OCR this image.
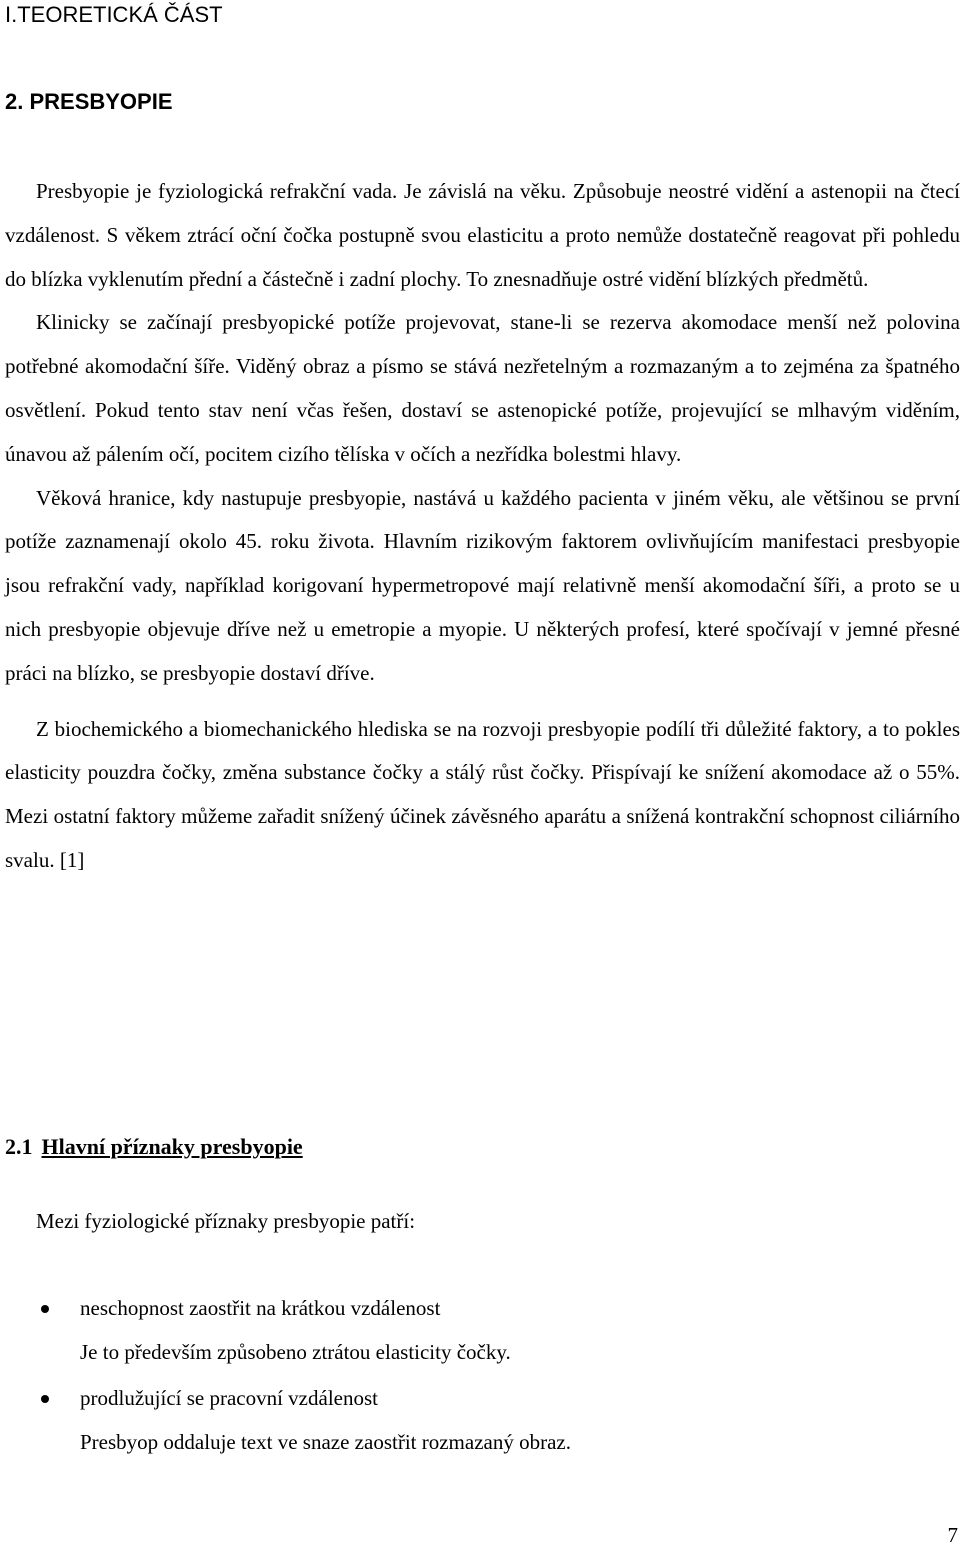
I.TEORETICKÁ ČÁST
2. PRESBYOPIE

Presbyopie je fyziologická refrakční vada. Je závislá na věku. Způsobuje neostré vidění a astenopii na čtecí vzdálenost. S věkem ztrácí oční čočka postupně svou elasticitu a proto nemůže dostatečně reagovat při pohledu do blízka vyklenutím přední a částečně i zadní plochy. To znesnadňuje ostré vidění blízkých předmětů.

Klinicky se začínají presbyopické potíže projevovat, stane-li se rezerva akomodace menší než polovina potřebné akomodační šíře. Viděný obraz a písmo se stává nezřetelným a rozmazaným a to zejména za špatného osvětlení. Pokud tento stav není včas řešen, dostaví se astenopické potíže, projevující se mlhavým viděním, únavou až pálením očí, pocitem cizího tělíska v očích a nezřídka bolestmi hlavy.

Věková hranice, kdy nastupuje presbyopie, nastává u každého pacienta v jiném věku, ale většinou se první potíže zaznamenají okolo 45. roku života. Hlavním rizikovým faktorem ovlivňujícím manifestaci presbyopie jsou refrakční vady, například korigovaní hypermetropové mají relativně menší akomodační šíři, a proto se u nich presbyopie objevuje dříve než u emetropie a myopie. U některých profesí, které spočívají v jemné přesné práci na blízko, se presbyopie dostaví dříve.

Z biochemického a biomechanického hlediska se na rozvoji presbyopie podílí tři důležité faktory, a to pokles elasticity pouzdra čočky, změna substance čočky a stálý růst čočky. Přispívají ke snížení akomodace až o 55%. Mezi ostatní faktory můžeme zařadit snížený účinek závěsného aparátu a snížená kontrakční schopnost ciliárního svalu. [1]

2.1 Hlavní příznaky presbyopie
Mezi fyziologické příznaky presbyopie patří:
neschopnost zaostřit na krátkou vzdálenost
Je to především způsobeno ztrátou elasticity čočky.
prodlužující se pracovní vzdálenost
Presbyop oddaluje text ve snaze zaostřit rozmazaný obraz.
7
